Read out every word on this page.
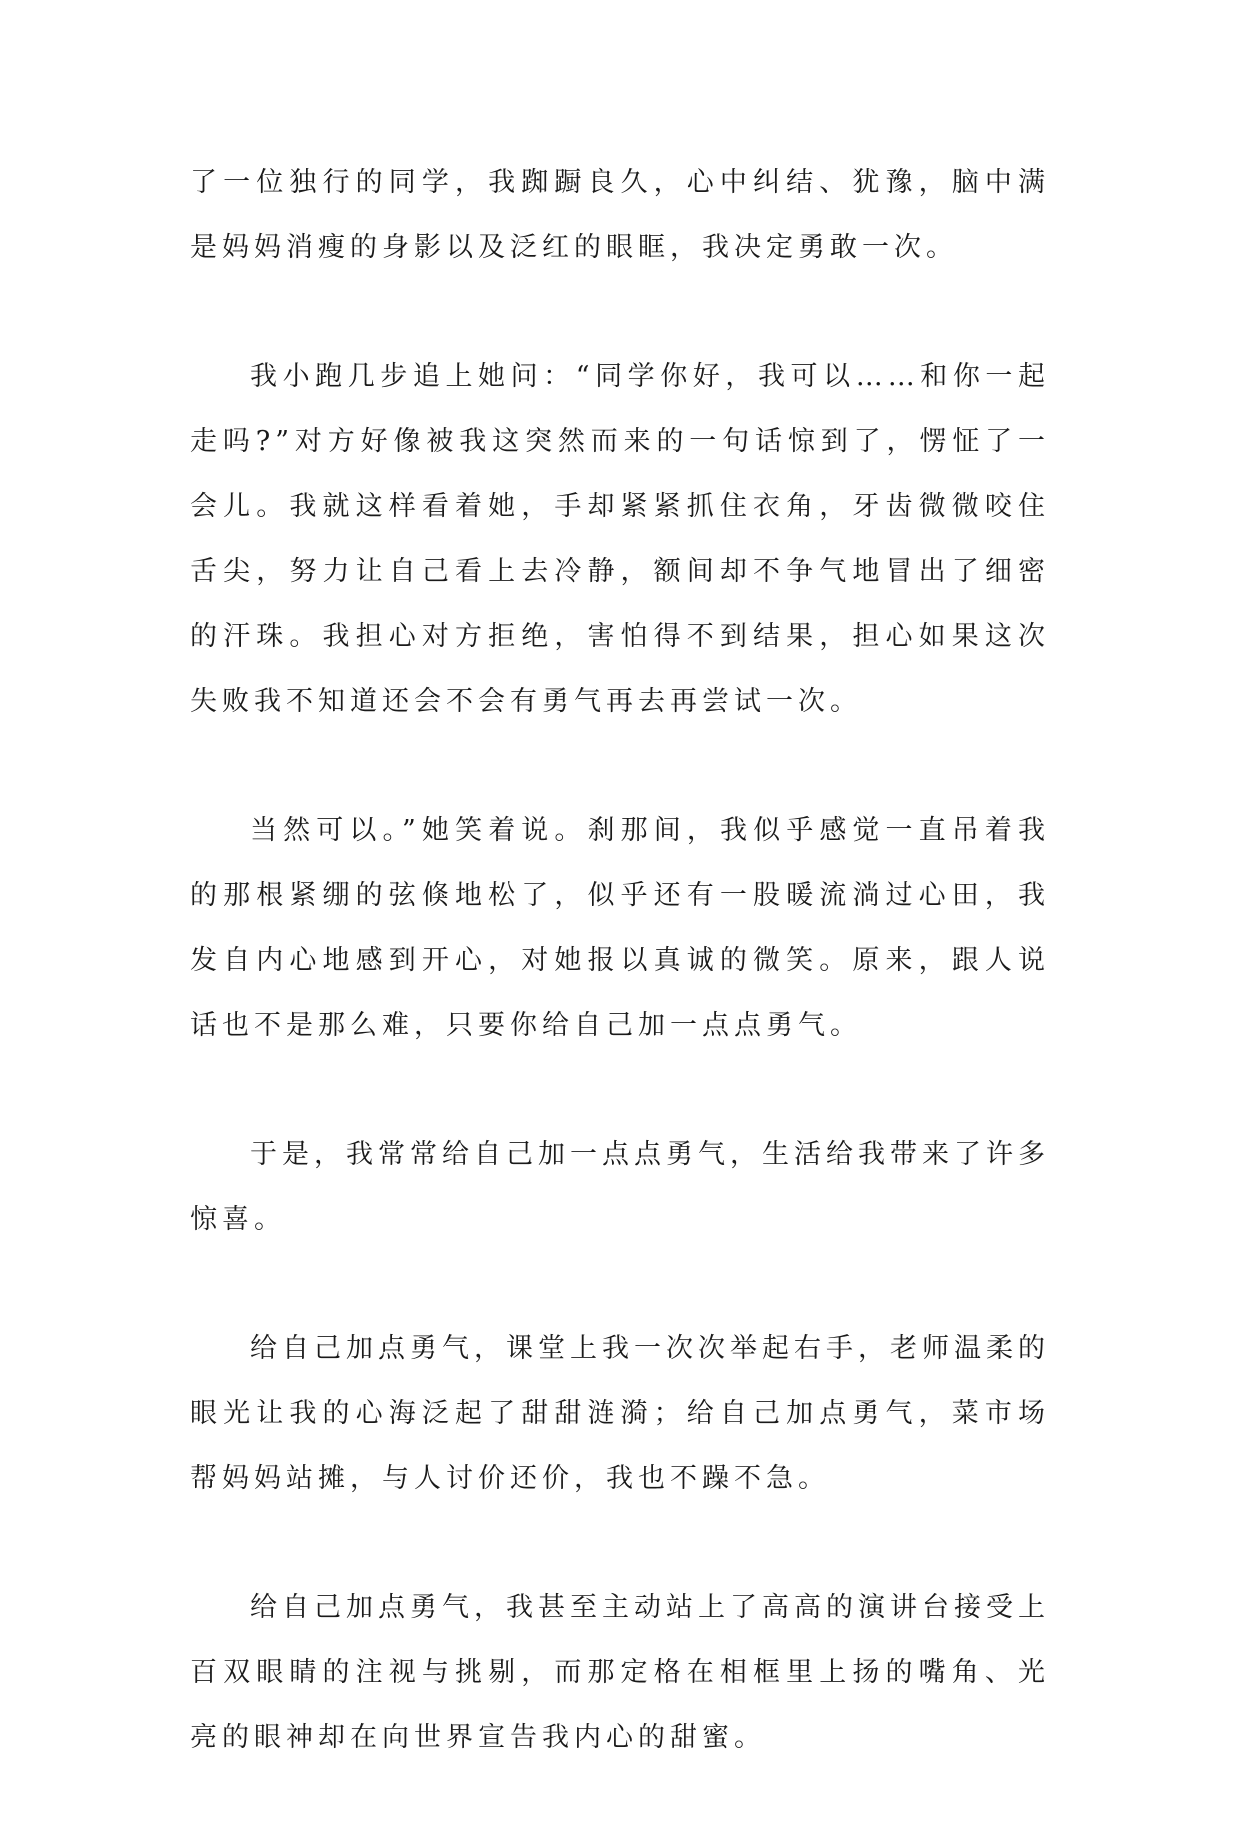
了一位独行的同学，我踟蹰良久，心中纠结、犹豫，脑中满是妈妈消瘦的身影以及泛红的眼眶，我决定勇敢一次。

我小跑几步追上她问：“同学你好，我可以……和你一起走吗?”对方好像被我这突然而来的一句话惊到了，愣怔了一会儿。我就这样看着她，手却紧紧抓住衣角，牙齿微微咬住舌尖，努力让自己看上去冷静，额间却不争气地冒出了细密的汗珠。我担心对方拒绝，害怕得不到结果，担心如果这次失败我不知道还会不会有勇气再去再尝试一次。

当然可以。”她笑着说。刹那间，我似乎感觉一直吊着我的那根紧绷的弦倏地松了，似乎还有一股暖流淌过心田，我发自内心地感到开心，对她报以真诚的微笑。原来，跟人说话也不是那么难，只要你给自己加一点点勇气。

于是，我常常给自己加一点点勇气，生活给我带来了许多惊喜。

给自己加点勇气，课堂上我一次次举起右手，老师温柔的眼光让我的心海泛起了甜甜涟漪；给自己加点勇气，菜市场帮妈妈站摊，与人讨价还价，我也不躁不急。

给自己加点勇气，我甚至主动站上了高高的演讲台接受上百双眼睛的注视与挑剔，而那定格在相框里上扬的嘴角、光亮的眼神却在向世界宣告我内心的甜蜜。
